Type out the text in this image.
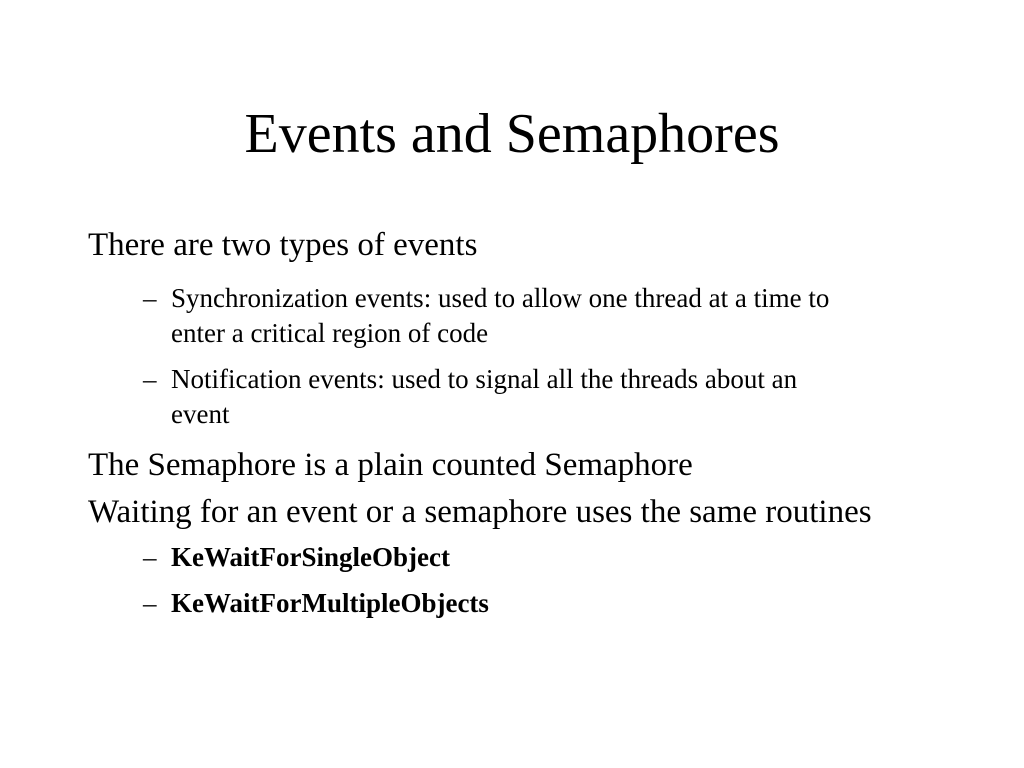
Events and Semaphores

There are two types of events

– Synchronization events: used to allow one thread at a time to enter a critical region of code
– Notification events: used to signal all the threads about an event

The Semaphore is a plain counted Semaphore

Waiting for an event or a semaphore uses the same routines

– KeWaitForSingleObject
– KeWaitForMultipleObjects
